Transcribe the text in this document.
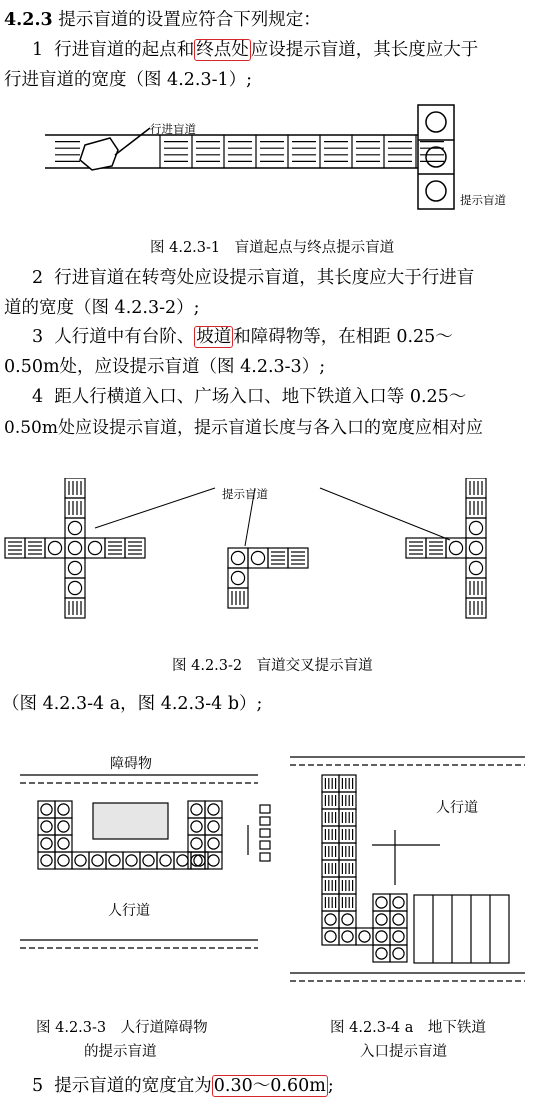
4.2.3 提示盲道的设置应符合下列规定：
1 行进盲道的起点和 终点处 应设提示盲道，其长度应大于
行进盲道的宽度（图 4.2.3-1）;
行进盲道
提示盲道
图 4.2.3-1　盲道起点与终点提示盲道
2 行进盲道在转弯处应设提示盲道，其长度应大于行进盲
道的宽度（图 4.2.3-2）;
3 人行道中有台阶、 坡道 和障碍物等，在相距 0.25～
0.50m处，应设提示盲道（图 4.2.3-3）;
4 距人行横道入口、广场入口、地下铁道入口等 0.25～
0.50m处应设提示盲道，提示盲道长度与各入口的宽度应相对应
提示盲道
图 4.2.3-2　盲道交叉提示盲道
（图 4.2.3-4 a，图 4.2.3-4 b）;
障碍物
人行道
人行道
图 4.2.3-3　人行道障碍物
的提示盲道
图 4.2.3-4 a　地下铁道
入口提示盲道
5 提示盲道的宽度宜为 0.30～0.60m ;
